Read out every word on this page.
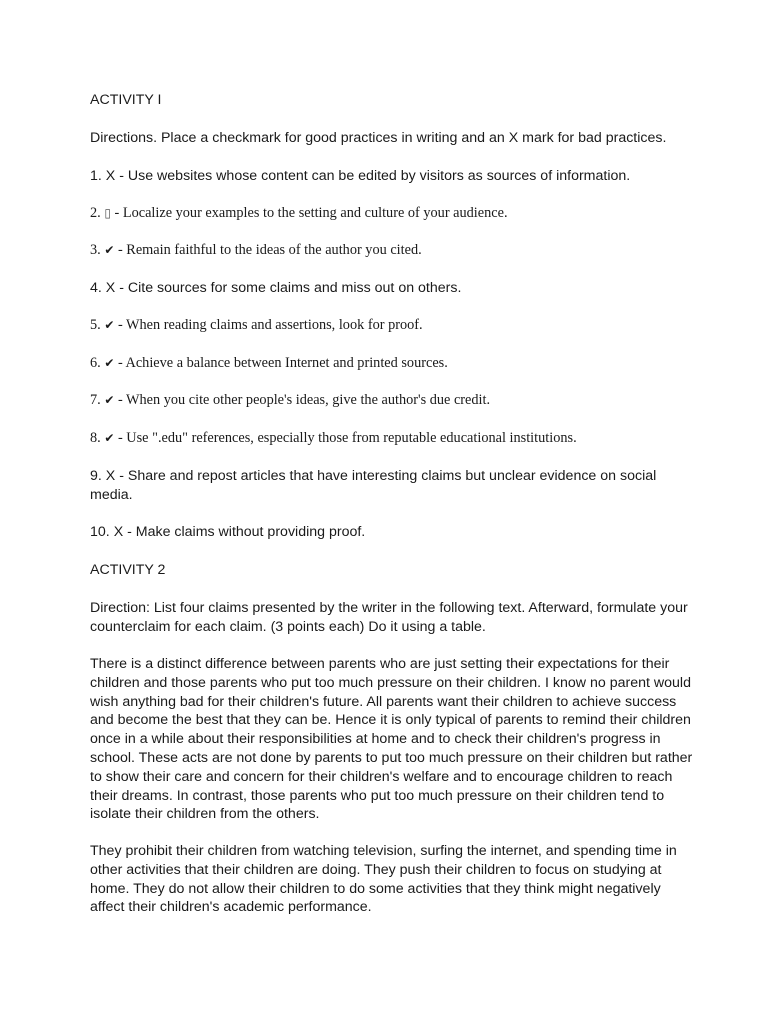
ACTIVITY I

Directions. Place a checkmark for good practices in writing and an X mark for bad practices.

1. X - Use websites whose content can be edited by visitors as sources of information.

2. ▯ - Localize your examples to the setting and culture of your audience.

3. ✔ - Remain faithful to the ideas of the author you cited.

4. X - Cite sources for some claims and miss out on others.

5. ✔ - When reading claims and assertions, look for proof.

6. ✔ - Achieve a balance between Internet and printed sources.

7. ✔ - When you cite other people's ideas, give the author's due credit.

8. ✔ - Use ".edu" references, especially those from reputable educational institutions.

9. X - Share and repost articles that have interesting claims but unclear evidence on social
media.

10. X - Make claims without providing proof.

ACTIVITY 2

Direction: List four claims presented by the writer in the following text. Afterward, formulate your
counterclaim for each claim. (3 points each) Do it using a table.
There is a distinct difference between parents who are just setting their expectations for their
children and those parents who put too much pressure on their children. I know no parent would
wish anything bad for their children's future. All parents want their children to achieve success
and become the best that they can be. Hence it is only typical of parents to remind their children
once in a while about their responsibilities at home and to check their children's progress in
school. These acts are not done by parents to put too much pressure on their children but rather
to show their care and concern for their children's welfare and to encourage children to reach
their dreams. In contrast, those parents who put too much pressure on their children tend to
isolate their children from the others.
They prohibit their children from watching television, surfing the internet, and spending time in
other activities that their children are doing. They push their children to focus on studying at
home. They do not allow their children to do some activities that they think might negatively
affect their children's academic performance.
